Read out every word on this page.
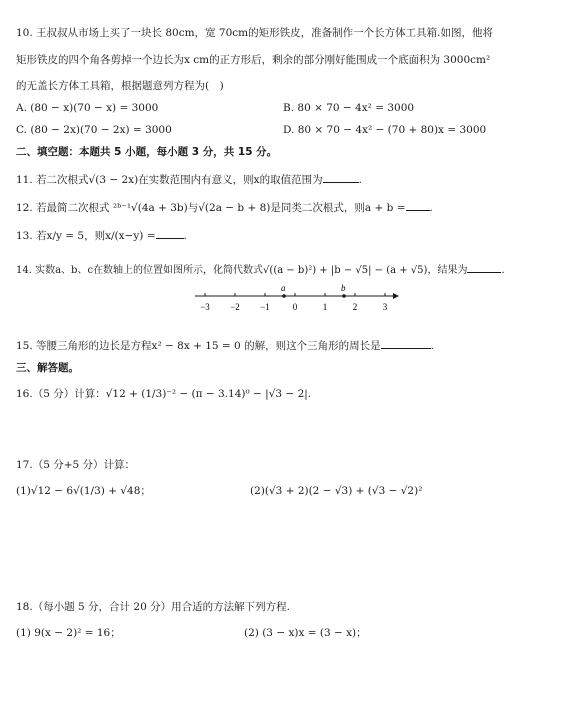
10. 王叔叔从市场上买了一块长 80cm，宽 70cm的矩形铁皮，准备制作一个长方体工具箱.如图，他将
矩形铁皮的四个角各剪掉一个边长为x cm的正方形后，剩余的部分刚好能围成一个底面积为 3000cm²
的无盖长方体工具箱，根据题意列方程为(　)
A. (80 − x)(70 − x) = 3000	B. 80 × 70 − 4x² = 3000
C. (80 − 2x)(70 − 2x) = 3000	D. 80 × 70 − 4x² − (70 + 80)x = 3000
二、填空题：本题共 5 小题，每小题 3 分，共 15 分。
11. 若二次根式√(3 − 2x)在实数范围内有意义，则x的取值范围为	.
12. 若最简二次根式 ²ᵇ⁻¹√(4a + 3b)与√(2a − b + 8)是同类二次根式，则a + b = .
13. 若x/y = 5，则x/(x−y) =	.
14. 实数a、b、c在数轴上的位置如图所示，化简代数式√((a − b)²) + |b − √5| − (a + √5)，结果为	.
−3 −2 −1	0	1	2	3
a	b
15. 等腰三角形的边长是方程x² − 8x + 15 = 0 的解，则这个三角形的周长是	.
三、解答题。
16.（5 分）计算：√12 + (1/3)⁻² − (π − 3.14)⁰ − |√3 − 2|.
17.（5 分+5 分）计算：
(1)√12 − 6√(1/3) + √48；	(2)(√3 + 2)(2 − √3) + (√3 − √2)²
18.（每小题 5 分，合计 20 分）用合适的方法解下列方程.
(1) 9(x − 2)² = 16；	(2) (3 − x)x = (3 − x)；
